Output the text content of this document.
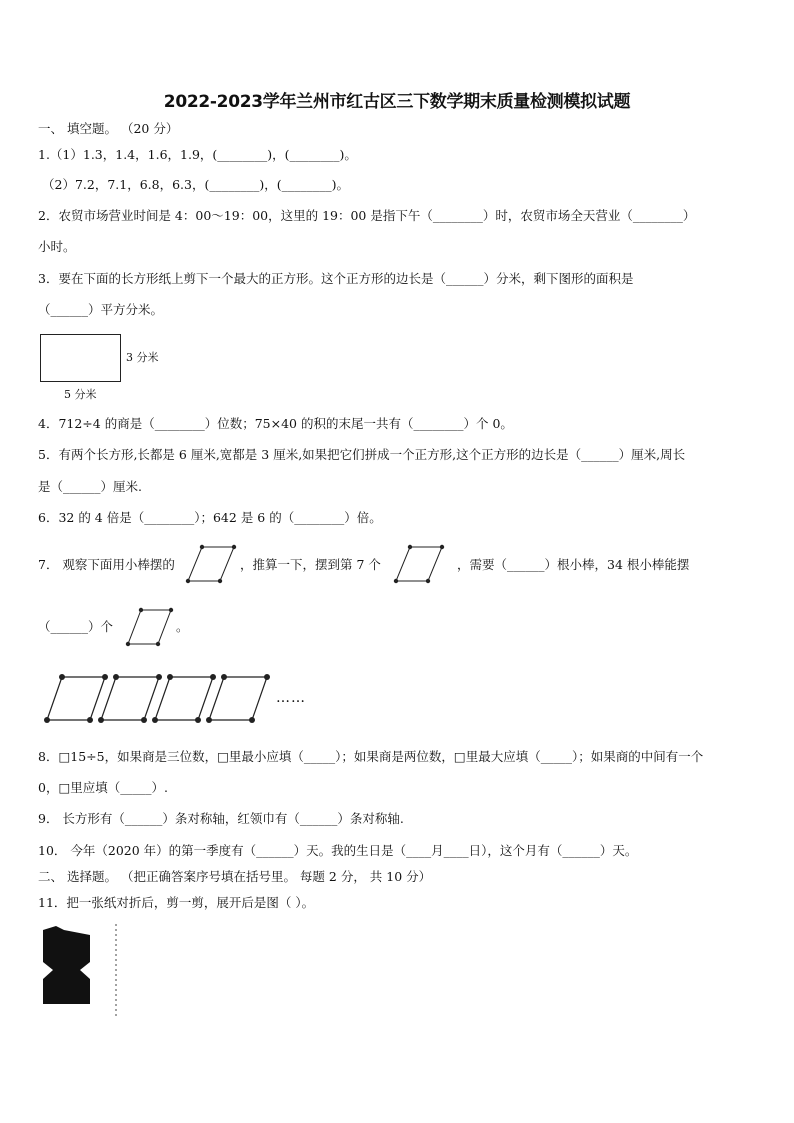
2022-2023学年兰州市红古区三下数学期末质量检测模拟试题
一、 填空题。 （20 分）
1.（1）1.3，1.4，1.6，1.9，(________)，(________)。
（2）7.2，7.1，6.8，6.3，(________)，(________)。
2．农贸市场营业时间是 4：00～19：00，这里的 19：00 是指下午（________）时，农贸市场全天营业（________）
小时。
3．要在下面的长方形纸上剪下一个最大的正方形。这个正方形的边长是（______）分米，剩下图形的面积是
（______）平方分米。
3 分米
5 分米
4．712÷4 的商是（________）位数；75×40 的积的末尾一共有（________）个 0。
5．有两个长方形,长都是 6 厘米,宽都是 3 厘米,如果把它们拼成一个正方形,这个正方形的边长是（______）厘米,周长
是（______）厘米.
6．32 的 4 倍是（________）；642 是 6 的（________）倍。
7． 观察下面用小棒摆的	，推算一下，摆到第 7 个	，需要（______）根小棒，34 根小棒能摆
（______）个	。
……
8．□15÷5，如果商是三位数，□里最小应填（_____）；如果商是两位数，□里最大应填（_____）；如果商的中间有一个
0，□里应填（_____）.
9． 长方形有（______）条对称轴，红领巾有（______）条对称轴.
10． 今年（2020 年）的第一季度有（______）天。我的生日是（____月____日），这个月有（______）天。
二、 选择题。 （把正确答案序号填在括号里。 每题 2 分， 共 10 分）
11．把一张纸对折后，剪一剪，展开后是图（ ）。
